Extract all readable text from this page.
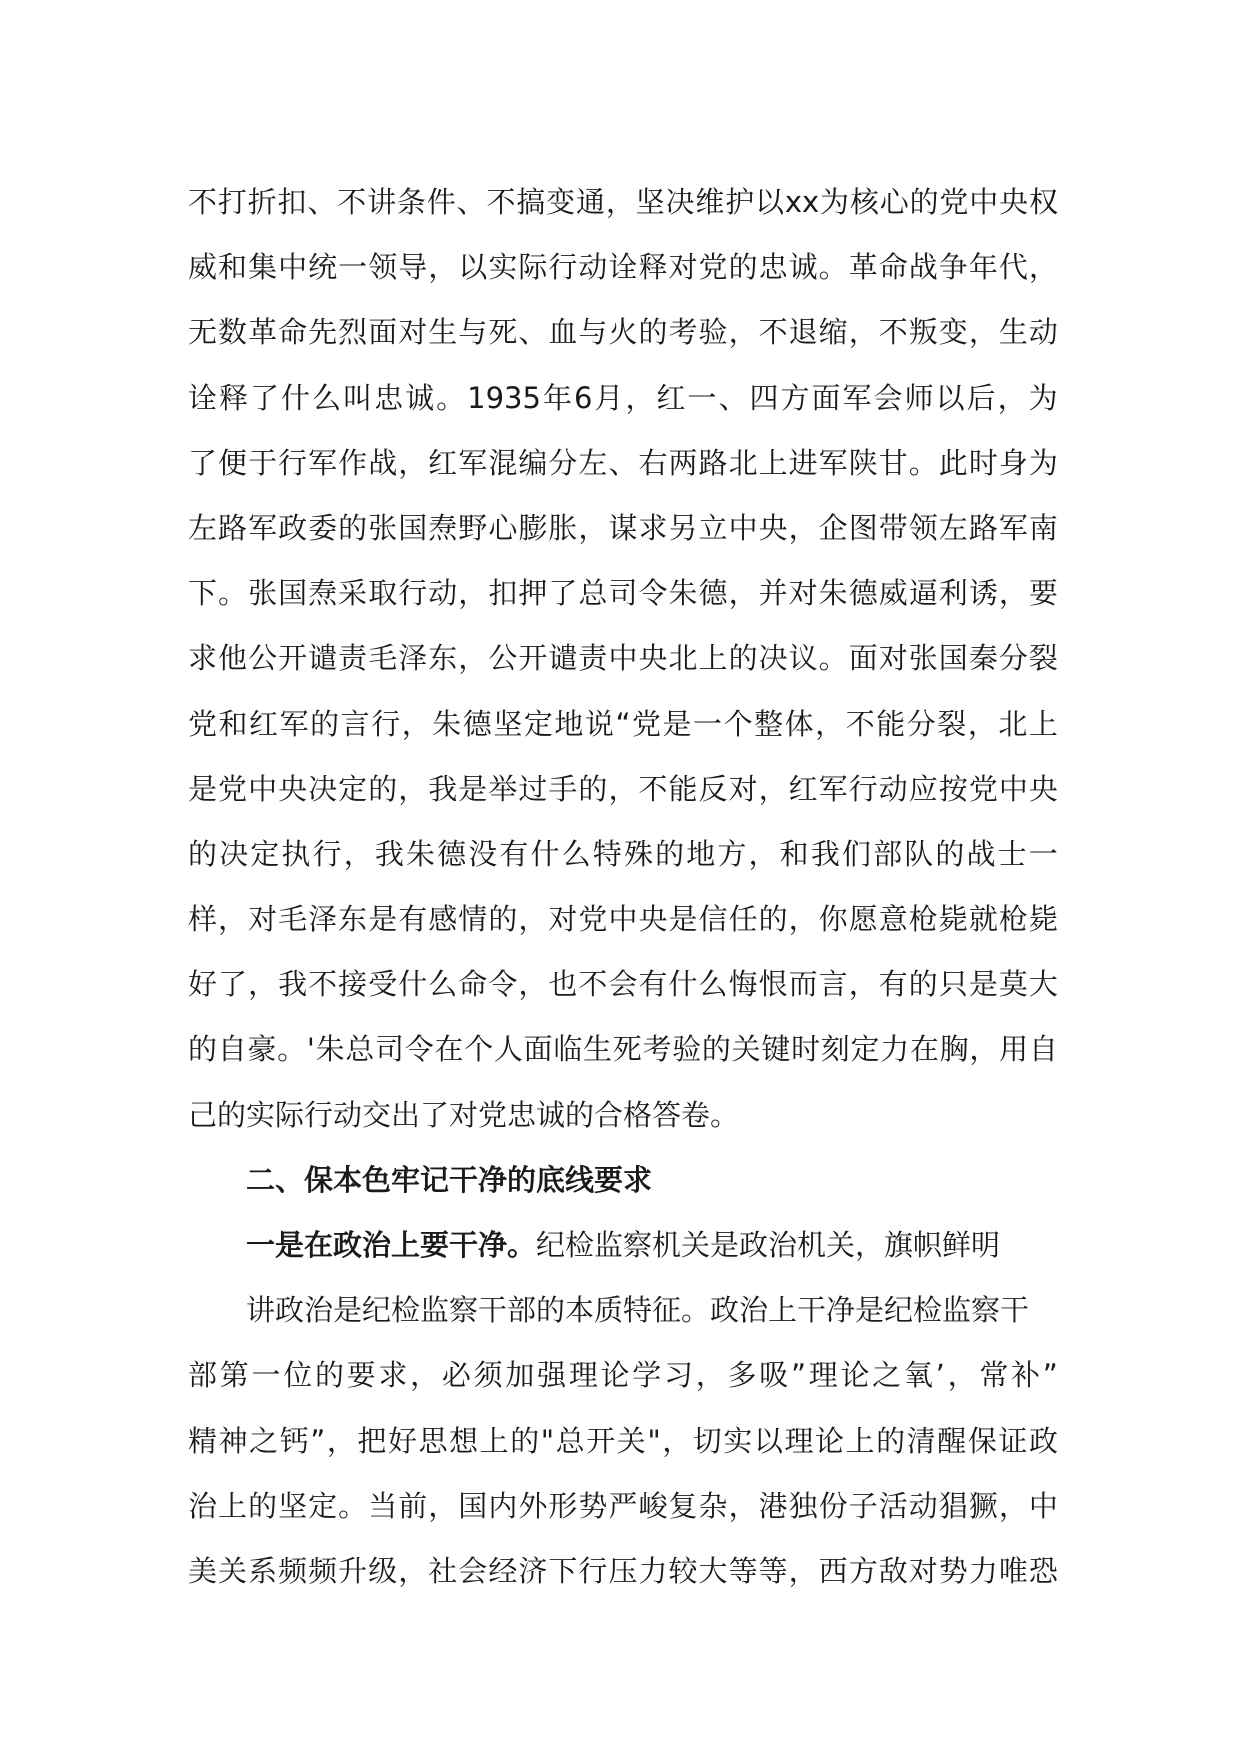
不 打 折 扣 、 不 讲 条 件 、 不 搞 变 通 ， 坚 决 维 护 以 xx 为 核 心 的 党 中 央 权
威 和 集 中 统 一 领 导 ， 以 实 际 行 动 诠 释 对 党 的 忠 诚 。 革 命 战 争 年 代 ，
无 数 革 命 先 烈 面 对 生 与 死 、 血 与 火 的 考 验 ， 不 退 缩 ， 不 叛 变 ， 生 动
诠 释 了 什 么 叫 忠 诚 。 1935 年 6 月 ， 红 一 、 四 方 面 军 会 师 以 后 ， 为
了 便 于 行 军 作 战 ， 红 军 混 编 分 左 、 右 两 路 北 上 进 军 陕 甘 。 此 时 身 为
左 路 军 政 委 的 张 国 焘 野 心 膨 胀 ， 谋 求 另 立 中 央 ， 企 图 带 领 左 路 军 南
下 。 张 国 焘 采 取 行 动 ， 扣 押 了 总 司 令 朱 德 ， 并 对 朱 德 威 逼 利 诱 ， 要
求 他 公 开 谴 责 毛 泽 东 ， 公 开 谴 责 中 央 北 上 的 决 议 。 面 对 张 国 秦 分 裂
党 和 红 军 的 言 行 ， 朱 德 坚 定 地 说 “ 党 是 一 个 整 体 ， 不 能 分 裂 ， 北 上
是 党 中 央 决 定 的 ， 我 是 举 过 手 的 ， 不 能 反 对 ， 红 军 行 动 应 按 党 中 央
的 决 定 执 行 ， 我 朱 德 没 有 什 么 特 殊 的 地 方 ， 和 我 们 部 队 的 战 士 一
样 ， 对 毛 泽 东 是 有 感 情 的 ， 对 党 中 央 是 信 任 的 ， 你 愿 意 枪 毙 就 枪 毙
好 了 ， 我 不 接 受 什 么 命 令 ， 也 不 会 有 什 么 悔 恨 而 言 ， 有 的 只 是 莫 大
的 自 豪 。 ' 朱 总 司 令 在 个 人 面 临 生 死 考 验 的 关 键 时 刻 定 力 在 胸 ， 用 自
己的实际行动交出了对党忠诚的合格答卷。
二、保本色牢记干净的底线要求
一是在政治上要干净。 纪检监察机关是政治机关，旗帜鲜明
讲政治是纪检监察干部的本质特征。政治上干净是纪检监察干
部 第 一 位 的 要 求 ， 必 须 加 强 理 论 学 习 ， 多 吸 ” 理 论 之 氧 ’ ， 常 补 ”
精 神 之 钙 ” ， 把 好 思 想 上 的 " 总 开 关 " ， 切 实 以 理 论 上 的 清 醒 保 证 政
治 上 的 坚 定 。 当 前 ， 国 内 外 形 势 严 峻 复 杂 ， 港 独 份 子 活 动 猖 獗 ， 中
美 关 系 频 频 升 级 ， 社 会 经 济 下 行 压 力 较 大 等 等 ， 西 方 敌 对 势 力 唯 恐
